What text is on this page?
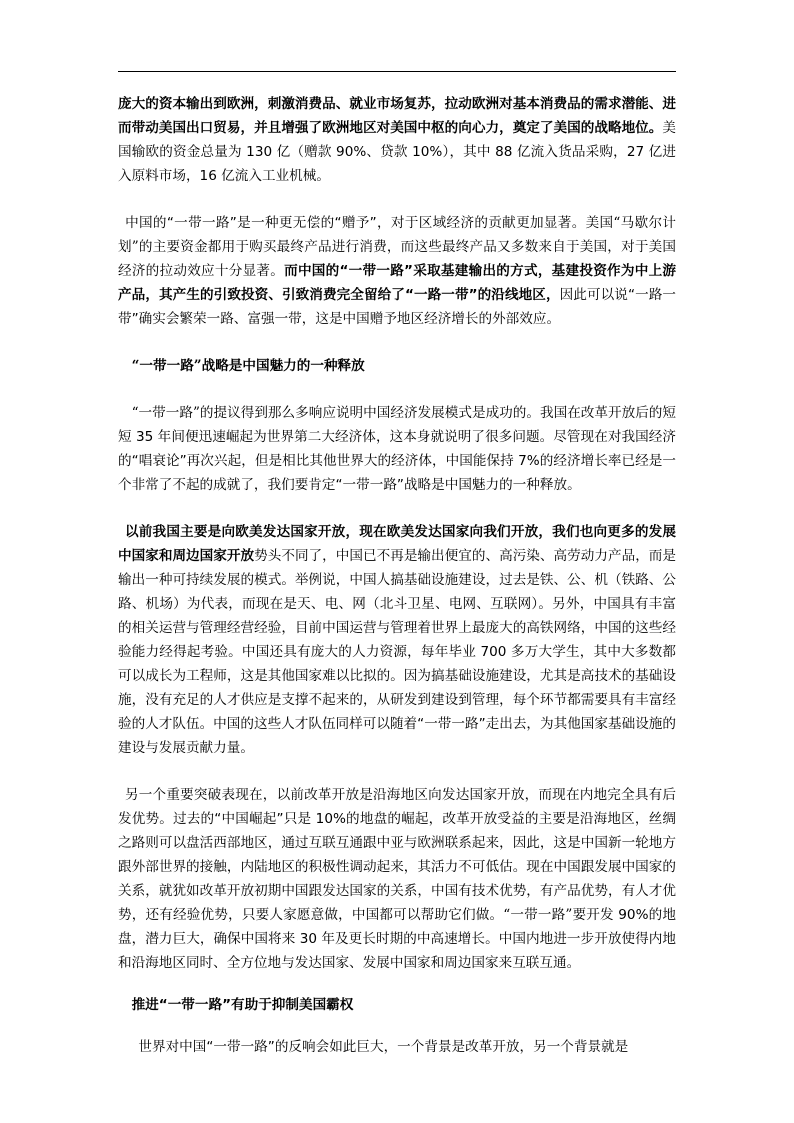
庞大的资本输出到欧洲，刺激消费品、就业市场复苏，拉动欧洲对基本消费品的需求潜能、进而带动美国出口贸易，并且增强了欧洲地区对美国中枢的向心力，奠定了美国的战略地位。美国输欧的资金总量为 130 亿（赠款 90%、贷款 10%），其中 88 亿流入货品采购，27 亿进入原料市场，16 亿流入工业机械。

 中国的“一带一路”是一种更无偿的“赠予”，对于区域经济的贡献更加显著。美国“马歇尔计划”的主要资金都用于购买最终产品进行消费，而这些最终产品又多数来自于美国，对于美国经济的拉动效应十分显著。而中国的“一带一路”采取基建输出的方式，基建投资作为中上游产品，其产生的引致投资、引致消费完全留给了“一路一带”的沿线地区，因此可以说“一路一带”确实会繁荣一路、富强一带，这是中国赠予地区经济增长的外部效应。

  “一带一路”战略是中国魅力的一种释放

  “一带一路”的提议得到那么多响应说明中国经济发展模式是成功的。我国在改革开放后的短短 35 年间便迅速崛起为世界第二大经济体，这本身就说明了很多问题。尽管现在对我国经济的“唱衰论”再次兴起，但是相比其他世界大的经济体，中国能保持 7%的经济增长率已经是一个非常了不起的成就了，我们要肯定“一带一路”战略是中国魅力的一种释放。

 以前我国主要是向欧美发达国家开放，现在欧美发达国家向我们开放，我们也向更多的发展中国家和周边国家开放势头不同了，中国已不再是输出便宜的、高污染、高劳动力产品，而是输出一种可持续发展的模式。举例说，中国人搞基础设施建设，过去是铁、公、机（铁路、公路、机场）为代表，而现在是天、电、网（北斗卫星、电网、互联网）。另外，中国具有丰富的相关运营与管理经营经验，目前中国运营与管理着世界上最庞大的高铁网络，中国的这些经验能力经得起考验。中国还具有庞大的人力资源，每年毕业 700 多万大学生，其中大多数都可以成长为工程师，这是其他国家难以比拟的。因为搞基础设施建设，尤其是高技术的基础设施，没有充足的人才供应是支撑不起来的，从研发到建设到管理，每个环节都需要具有丰富经验的人才队伍。中国的这些人才队伍同样可以随着“一带一路”走出去，为其他国家基础设施的建设与发展贡献力量。

 另一个重要突破表现在，以前改革开放是沿海地区向发达国家开放，而现在内地完全具有后发优势。过去的“中国崛起”只是 10%的地盘的崛起，改革开放受益的主要是沿海地区，丝绸之路则可以盘活西部地区，通过互联互通跟中亚与欧洲联系起来，因此，这是中国新一轮地方跟外部世界的接触，内陆地区的积极性调动起来，其活力不可低估。现在中国跟发展中国家的关系，就犹如改革开放初期中国跟发达国家的关系，中国有技术优势，有产品优势，有人才优势，还有经验优势，只要人家愿意做，中国都可以帮助它们做。“一带一路”要开发 90%的地盘，潜力巨大，确保中国将来 30 年及更长时期的中高速增长。中国内地进一步开放使得内地和沿海地区同时、全方位地与发达国家、发展中国家和周边国家来互联互通。

  推进“一带一路”有助于抑制美国霸权

   世界对中国“一带一路”的反响会如此巨大，一个背景是改革开放，另一个背景就是
